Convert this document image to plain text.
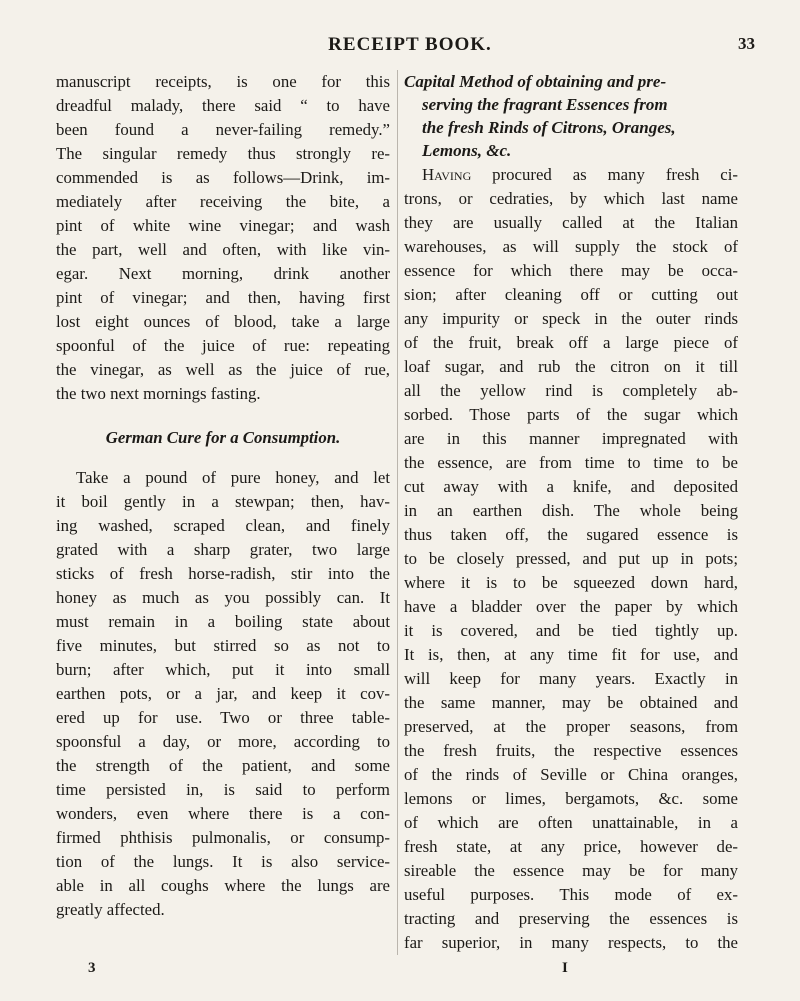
RECEIPT BOOK.	33

manuscript receipts, is one for this
dreadful malady, there said “ to have
been found a never-failing remedy.”
The singular remedy thus strongly re-
commended is as follows—Drink, im-
mediately after receiving the bite, a
pint of white wine vinegar; and wash
the part, well and often, with like vin-
egar. Next morning, drink another
pint of vinegar; and then, having first
lost eight ounces of blood, take a large
spoonful of the juice of rue: repeating
the vinegar, as well as the juice of rue,
the two next mornings fasting.

German Cure for a Consumption.

Take a pound of pure honey, and let
it boil gently in a stewpan; then, hav-
ing washed, scraped clean, and finely
grated with a sharp grater, two large
sticks of fresh horse-radish, stir into the
honey as much as you possibly can. It
must remain in a boiling state about
five minutes, but stirred so as not to
burn; after which, put it into small
earthen pots, or a jar, and keep it cov-
ered up for use. Two or three table-
spoonsful a day, or more, according to
the strength of the patient, and some
time persisted in, is said to perform
wonders, even where there is a con-
firmed phthisis pulmonalis, or consump-
tion of the lungs. It is also service-
able in all coughs where the lungs are
greatly affected.

Capital Method of obtaining and pre-
serving the fragrant Essences from
the fresh Rinds of Citrons, Oranges,
Lemons, &c.

Having procured as many fresh ci-
trons, or cedraties, by which last name
they are usually called at the Italian
warehouses, as will supply the stock of
essence for which there may be occa-
sion; after cleaning off or cutting out
any impurity or speck in the outer rinds
of the fruit, break off a large piece of
loaf sugar, and rub the citron on it till
all the yellow rind is completely ab-
sorbed. Those parts of the sugar which
are in this manner impregnated with
the essence, are from time to time to be
cut away with a knife, and deposited
in an earthen dish. The whole being
thus taken off, the sugared essence is
to be closely pressed, and put up in pots;
where it is to be squeezed down hard,
have a bladder over the paper by which
it is covered, and be tied tightly up.
It is, then, at any time fit for use, and
will keep for many years. Exactly in
the same manner, may be obtained and
preserved, at the proper seasons, from
the fresh fruits, the respective essences
of the rinds of Seville or China oranges,
lemons or limes, bergamots, &c. some
of which are often unattainable, in a
fresh state, at any price, however de-
sireable the essence may be for many
useful purposes. This mode of ex-
tracting and preserving the essences is
far superior, in many respects, to the

3	I
